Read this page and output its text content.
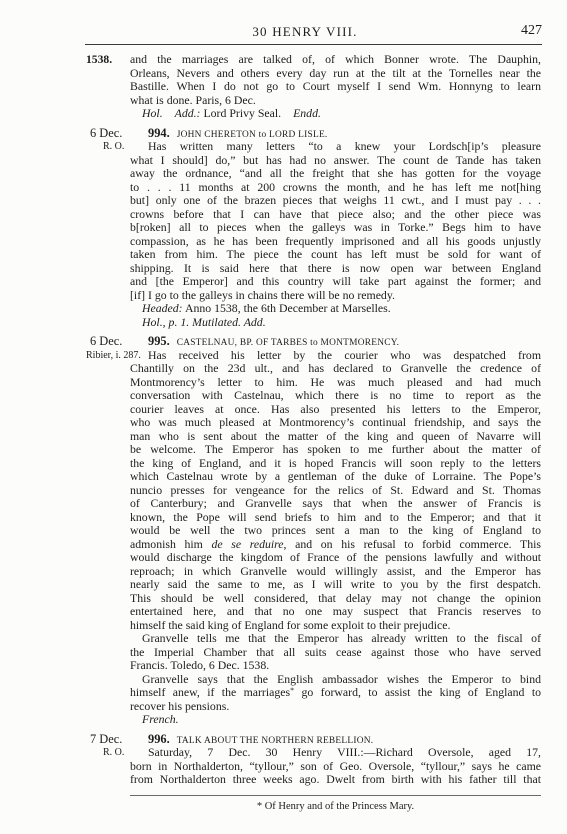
30 HENRY VIII.	427
1538. and the marriages are talked of, of which Bonner wrote. The Dauphin,
Orleans, Nevers and others every day run at the tilt at the Tornelles near the
Bastille. When I do not go to Court myself I send Wm. Honnyng to learn
what is done. Paris, 6 Dec.
Hol. Add.: Lord Privy Seal. Endd.
6 Dec.
R. O.
994. JOHN CHERETON to LORD LISLE.
Has written many letters “to a knew your Lordsch[ip’s pleasure
what I should] do,” but has had no answer. The count de Tande has taken
away the ordnance, “and all the freight that she has gotten for the voyage
to . . . 11 months at 200 crowns the month, and he has left me not[hing
but] only one of the brazen pieces that weighs 11 cwt., and I must pay . . .
crowns before that I can have that piece also; and the other piece was
b[roken] all to pieces when the galleys was in Torke.” Begs him to have
compassion, as he has been frequently imprisoned and all his goods unjustly
taken from him. The piece the count has left must be sold for want of
shipping. It is said here that there is now open war between England
and [the Emperor] and this country will take part against the former; and
[if] I go to the galleys in chains there will be no remedy.
Headed: Anno 1538, the 6th December at Marselles.
Hol., p. 1. Mutilated. Add.
6 Dec.
Ribier, i. 287.
995. CASTELNAU, BP. OF TARBES to MONTMORENCY.
Has received his letter by the courier who was despatched from
Chantilly on the 23d ult., and has declared to Granvelle the credence of
Montmorency’s letter to him. He was much pleased and had much
conversation with Castelnau, which there is no time to report as the
courier leaves at once. Has also presented his letters to the Emperor,
who was much pleased at Montmorency’s continual friendship, and says the
man who is sent about the matter of the king and queen of Navarre will
be welcome. The Emperor has spoken to me further about the matter of
the king of England, and it is hoped Francis will soon reply to the letters
which Castelnau wrote by a gentleman of the duke of Lorraine. The Pope’s
nuncio presses for vengeance for the relics of St. Edward and St. Thomas
of Canterbury; and Granvelle says that when the answer of Francis is
known, the Pope will send briefs to him and to the Emperor; and that it
would be well the two princes sent a man to the king of England to
admonish him de se reduire, and on his refusal to forbid commerce. This
would discharge the kingdom of France of the pensions lawfully and without
reproach; in which Granvelle would willingly assist, and the Emperor has
nearly said the same to me, as I will write to you by the first despatch.
This should be well considered, that delay may not change the opinion
entertained here, and that no one may suspect that Francis reserves to
himself the said king of England for some exploit to their prejudice.
Granvelle tells me that the Emperor has already written to the fiscal of
the Imperial Chamber that all suits cease against those who have served
Francis. Toledo, 6 Dec. 1538.
Granvelle says that the English ambassador wishes the Emperor to bind
himself anew, if the marriages* go forward, to assist the king of England to
recover his pensions.
French.
7 Dec.
R. O.
996. TALK ABOUT THE NORTHERN REBELLION.
Saturday, 7 Dec. 30 Henry VIII.:—Richard Oversole, aged 17,
born in Northalderton, “tyllour,” son of Geo. Oversole, “tyllour,” says he came
from Northalderton three weeks ago. Dwelt from birth with his father till that
* Of Henry and of the Princess Mary.
